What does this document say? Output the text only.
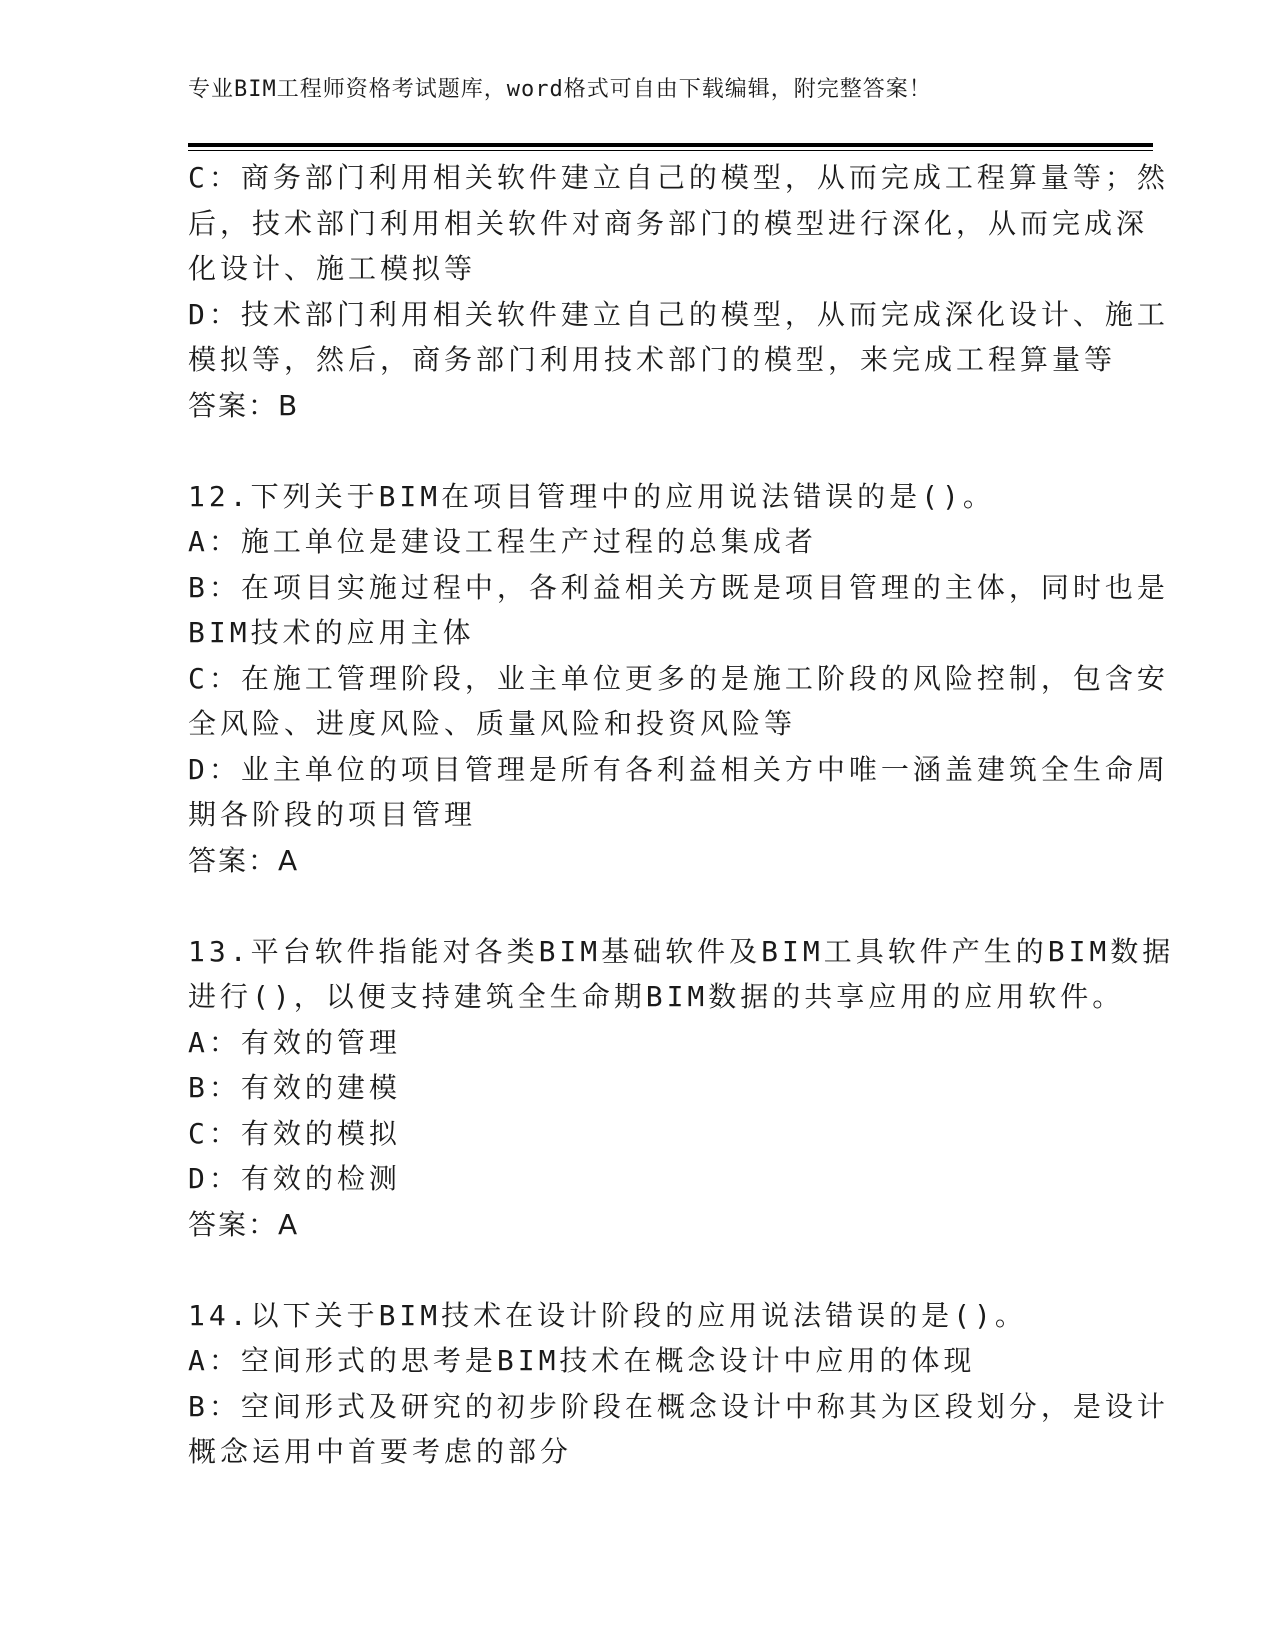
专业BIM工程师资格考试题库，word格式可自由下载编辑，附完整答案！
C：商务部门利用相关软件建立自己的模型，从而完成工程算量等；然
后，技术部门利用相关软件对商务部门的模型进行深化，从而完成深
化设计、施工模拟等
D：技术部门利用相关软件建立自己的模型，从而完成深化设计、施工
模拟等，然后，商务部门利用技术部门的模型，来完成工程算量等
答案：B
12.下列关于BIM在项目管理中的应用说法错误的是()。
A：施工单位是建设工程生产过程的总集成者
B：在项目实施过程中，各利益相关方既是项目管理的主体，同时也是
BIM技术的应用主体
C：在施工管理阶段，业主单位更多的是施工阶段的风险控制，包含安
全风险、进度风险、质量风险和投资风险等
D：业主单位的项目管理是所有各利益相关方中唯一涵盖建筑全生命周
期各阶段的项目管理
答案：A
13.平台软件指能对各类BIM基础软件及BIM工具软件产生的BIM数据
进行()，以便支持建筑全生命期BIM数据的共享应用的应用软件。
A：有效的管理
B：有效的建模
C：有效的模拟
D：有效的检测
答案：A
14.以下关于BIM技术在设计阶段的应用说法错误的是()。
A：空间形式的思考是BIM技术在概念设计中应用的体现
B：空间形式及研究的初步阶段在概念设计中称其为区段划分，是设计
概念运用中首要考虑的部分
